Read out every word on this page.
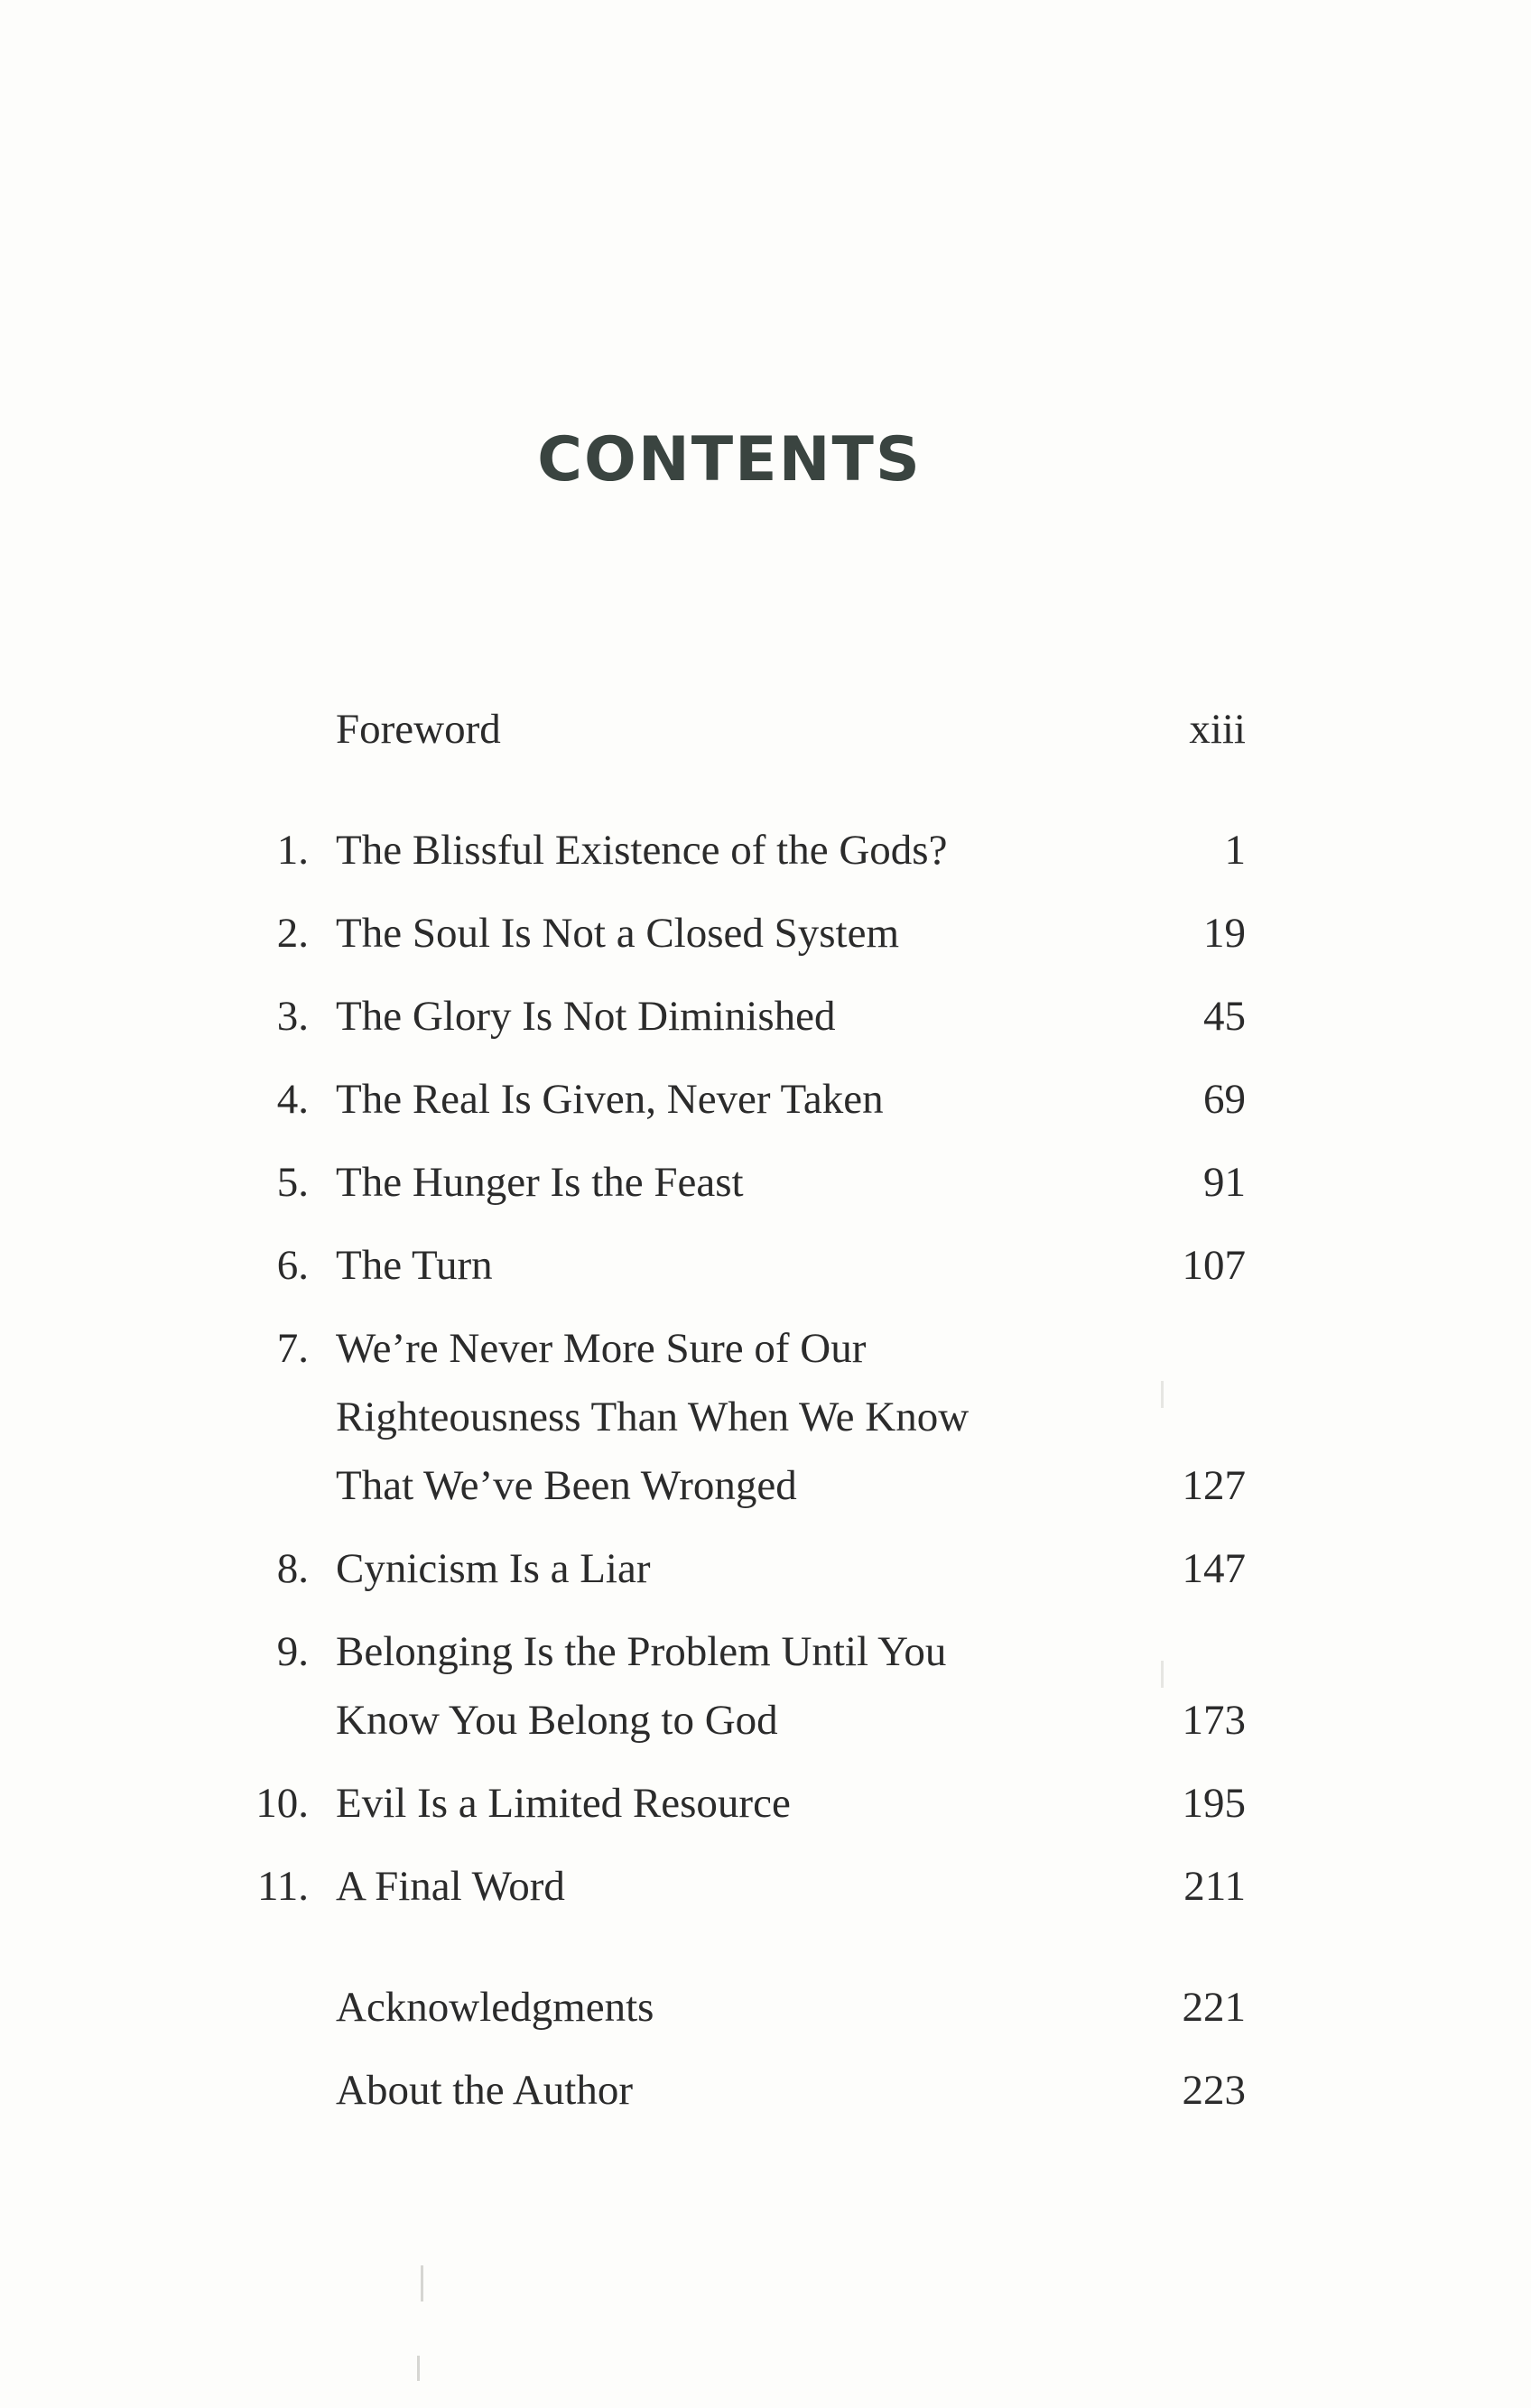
CONTENTS
Foreword	xiii
1. The Blissful Existence of the Gods?	1
2. The Soul Is Not a Closed System	19
3. The Glory Is Not Diminished	45
4. The Real Is Given, Never Taken	69
5. The Hunger Is the Feast	91
6. The Turn	107
7. We’re Never More Sure of Our
Righteousness Than When We Know
That We’ve Been Wronged	127
8. Cynicism Is a Liar	147
9. Belonging Is the Problem Until You
Know You Belong to God	173
10. Evil Is a Limited Resource	195
11. A Final Word	211
Acknowledgments	221
About the Author	223
